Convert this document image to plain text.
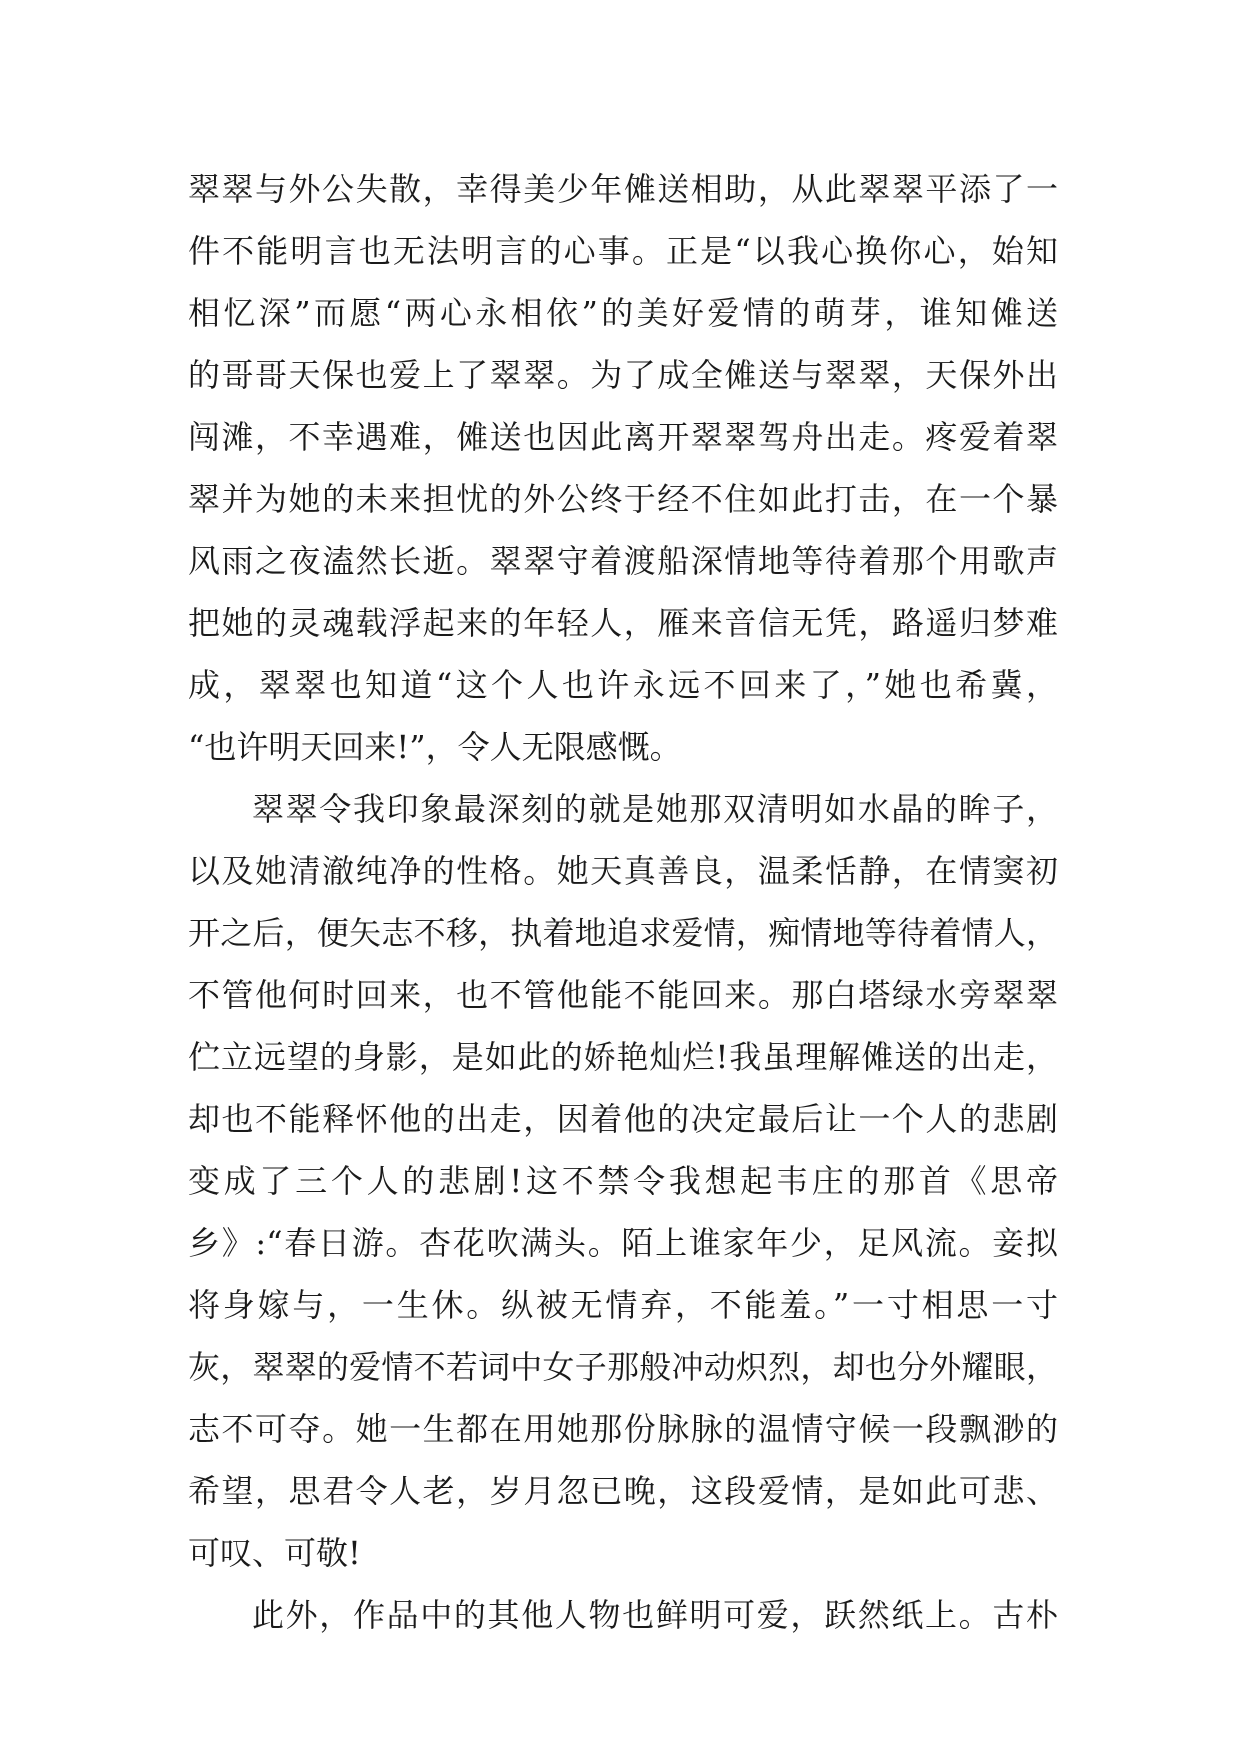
翠翠与外公失散，幸得美少年傩送相助，从此翠翠平添了一
件不能明言也无法明言的心事。正是“以我心换你心，始知
相忆深”而愿“两心永相依”的美好爱情的萌芽，谁知傩送
的哥哥天保也爱上了翠翠。为了成全傩送与翠翠，天保外出
闯滩，不幸遇难，傩送也因此离开翠翠驾舟出走。疼爱着翠
翠并为她的未来担忧的外公终于经不住如此打击，在一个暴
风雨之夜溘然长逝。翠翠守着渡船深情地等待着那个用歌声
把她的灵魂载浮起来的年轻人，雁来音信无凭，路遥归梦难
成，翠翠也知道“这个人也许永远不回来了，”她也希冀，
“也许明天回来!”，令人无限感慨。
翠翠令我印象最深刻的就是她那双清明如水晶的眸子，
以及她清澈纯净的性格。她天真善良，温柔恬静，在情窦初
开之后，便矢志不移，执着地追求爱情，痴情地等待着情人，
不管他何时回来，也不管他能不能回来。那白塔绿水旁翠翠
伫立远望的身影，是如此的娇艳灿烂!我虽理解傩送的出走，
却也不能释怀他的出走，因着他的决定最后让一个人的悲剧
变成了三个人的悲剧!这不禁令我想起韦庄的那首《思帝
乡》:“春日游。杏花吹满头。陌上谁家年少，足风流。妾拟
将身嫁与，一生休。纵被无情弃，不能羞。”一寸相思一寸
灰，翠翠的爱情不若词中女子那般冲动炽烈，却也分外耀眼，
志不可夺。她一生都在用她那份脉脉的温情守候一段飘渺的
希望，思君令人老，岁月忽已晚，这段爱情，是如此可悲、
可叹、可敬!
此外，作品中的其他人物也鲜明可爱，跃然纸上。古朴
